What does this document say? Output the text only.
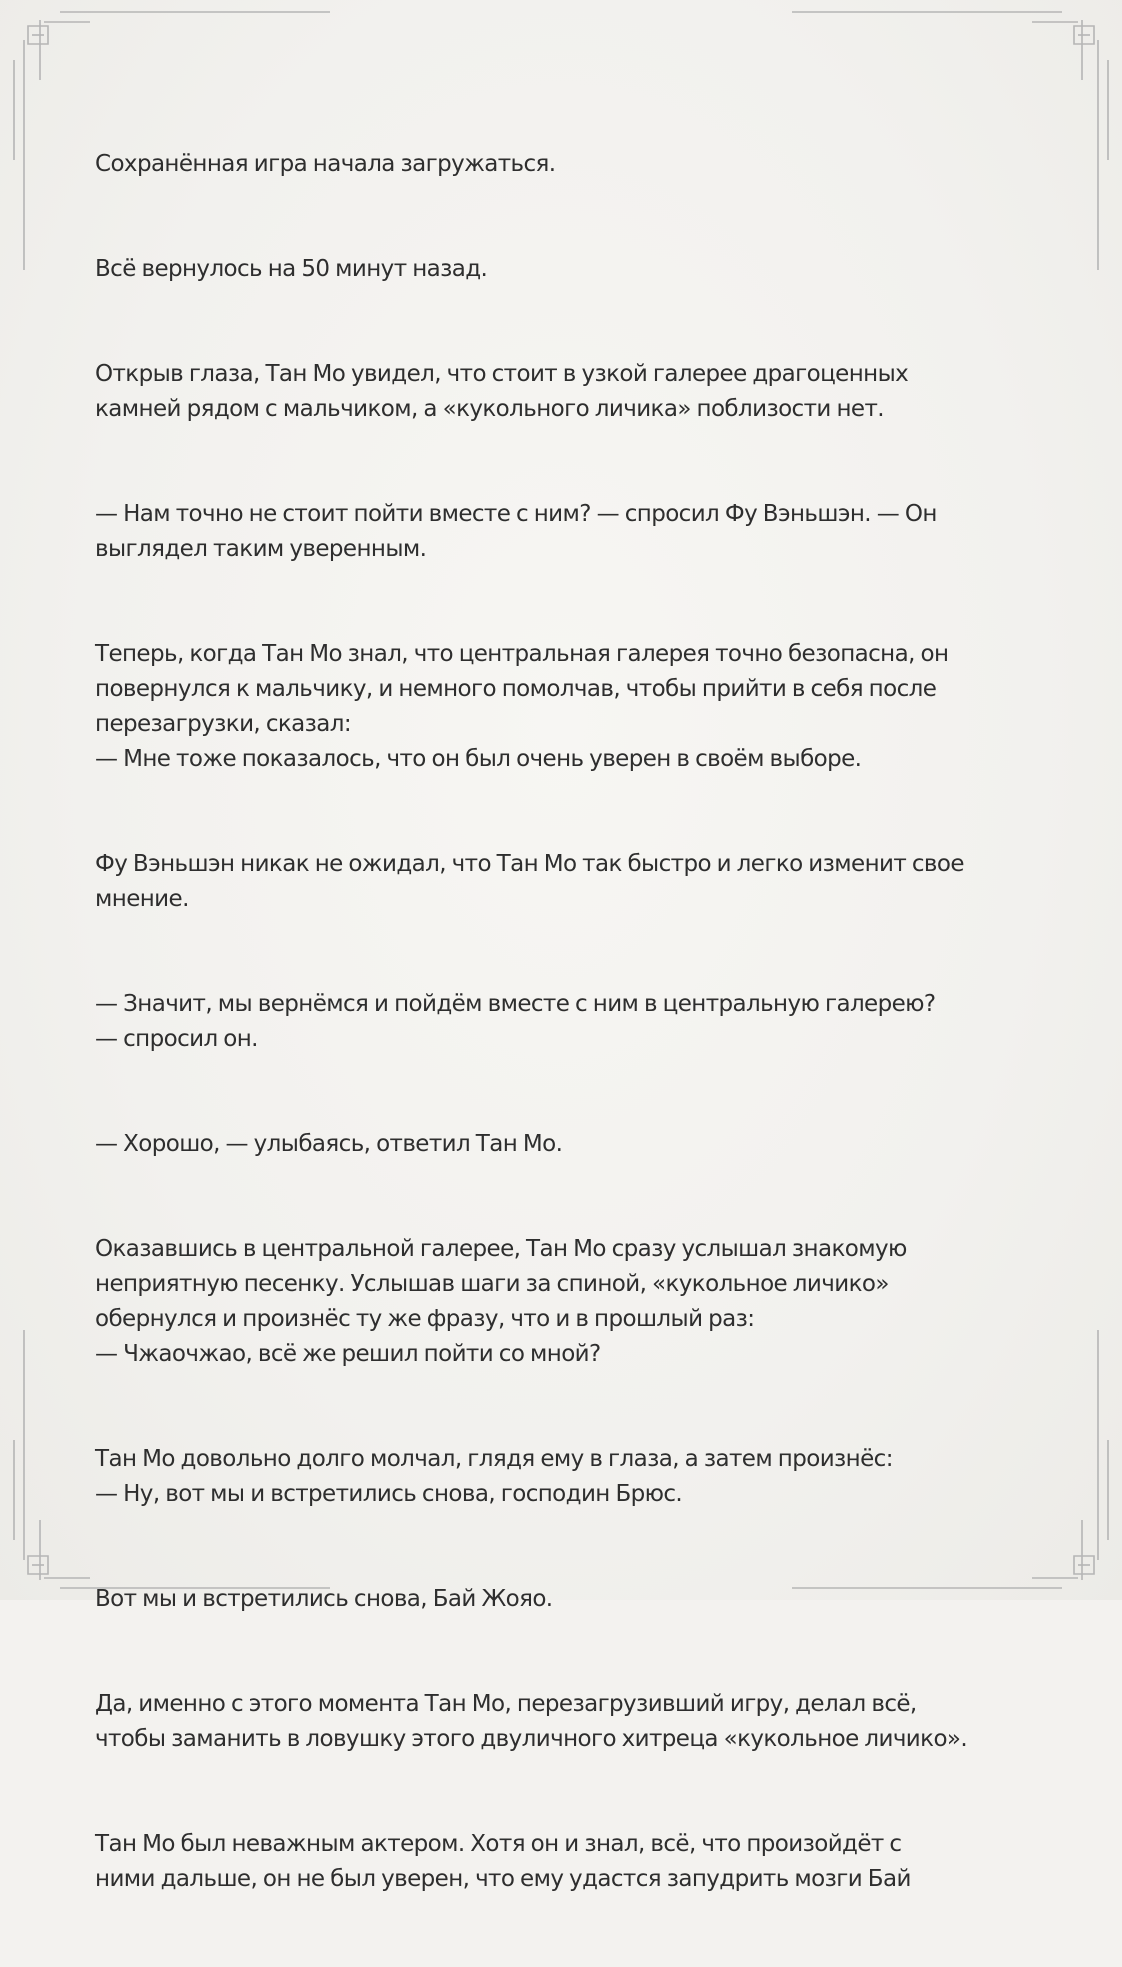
Сохранённая игра начала загружаться.

Всё вернулось на 50 минут назад.

Открыв глаза, Тан Мо увидел, что стоит в узкой галерее драгоценных
камней рядом с мальчиком, а «кукольного личика» поблизости нет.

— Нам точно не стоит пойти вместе с ним? — спросил Фу Вэньшэн. — Он
выглядел таким уверенным.

Теперь, когда Тан Мо знал, что центральная галерея точно безопасна, он
повернулся к мальчику, и немного помолчав, чтобы прийти в себя после
перезагрузки, сказал:
— Мне тоже показалось, что он был очень уверен в своём выборе.

Фу Вэньшэн никак не ожидал, что Тан Мо так быстро и легко изменит свое
мнение.

— Значит, мы вернёмся и пойдём вместе с ним в центральную галерею?
— спросил он.

— Хорошо, — улыбаясь, ответил Тан Мо.

Оказавшись в центральной галерее, Тан Мо сразу услышал знакомую
неприятную песенку. Услышав шаги за спиной, «кукольное личико»
обернулся и произнёс ту же фразу, что и в прошлый раз:
— Чжаочжао, всё же решил пойти со мной?

Тан Мо довольно долго молчал, глядя ему в глаза, а затем произнёс:
— Ну, вот мы и встретились снова, господин Брюс.

Вот мы и встретились снова, Бай Жояо.

Да, именно с этого момента Тан Мо, перезагрузивший игру, делал всё,
чтобы заманить в ловушку этого двуличного хитреца «кукольное личико».

Тан Мо был неважным актером. Хотя он и знал, всё, что произойдёт с
ними дальше, он не был уверен, что ему удастся запудрить мозги Бай
